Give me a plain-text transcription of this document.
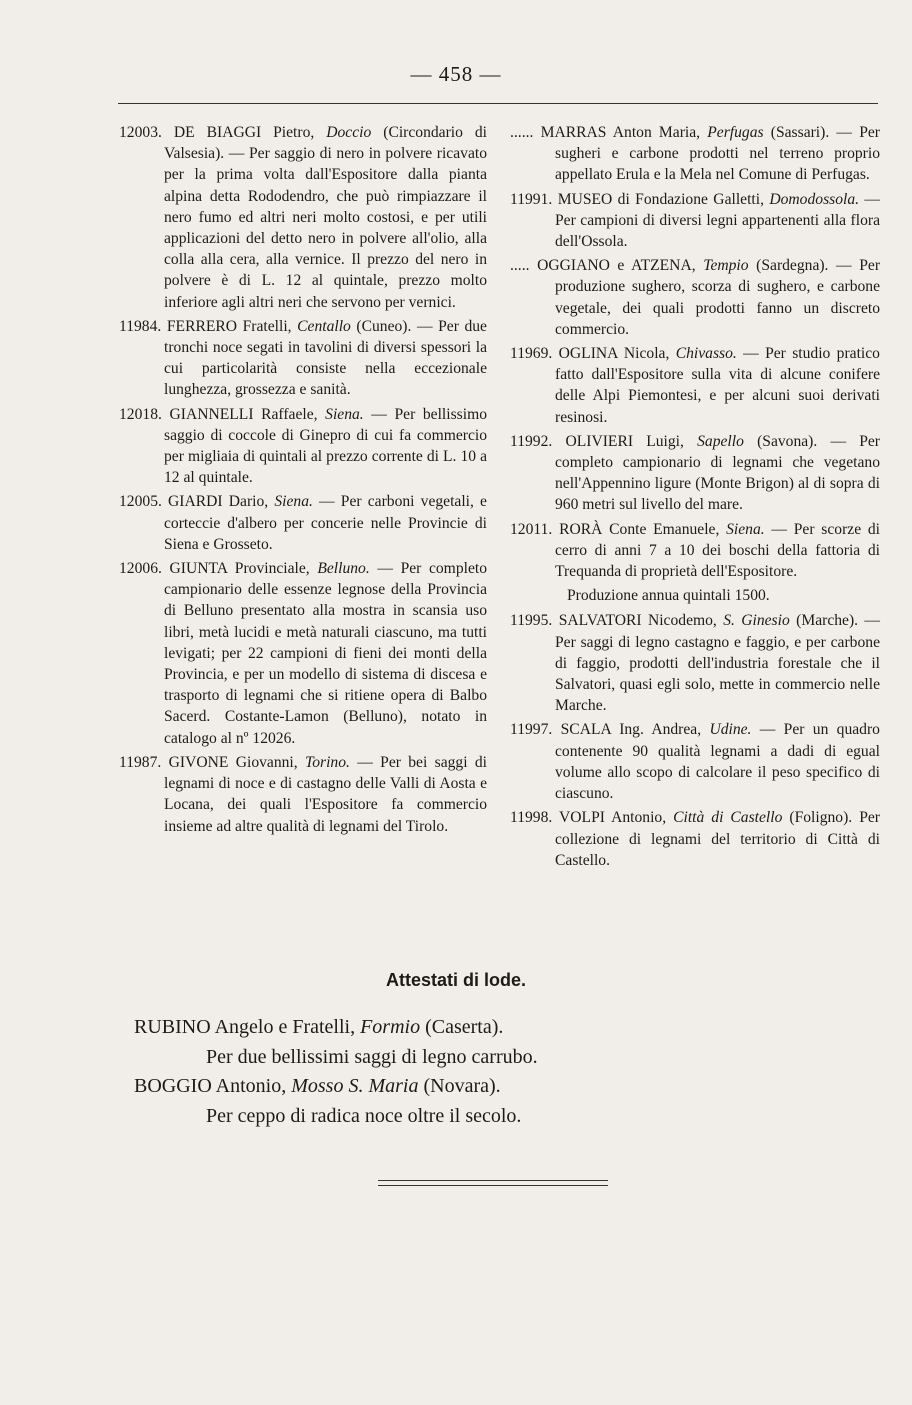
— 458 —

12003. DE BIAGGI Pietro, Doccio (Circondario di Valsesia). — Per saggio di nero in polvere ricavato per la prima volta dall'Espositore dalla pianta alpina detta Rododendro, che può rimpiazzare il nero fumo ed altri neri molto costosi, e per utili applicazioni del detto nero in polvere all'olio, alla colla alla cera, alla vernice. Il prezzo del nero in polvere è di L. 12 al quintale, prezzo molto inferiore agli altri neri che servono per vernici.

11984. FERRERO Fratelli, Centallo (Cuneo). — Per due tronchi noce segati in tavolini di diversi spessori la cui particolarità consiste nella eccezionale lunghezza, grossezza e sanità.

12018. GIANNELLI Raffaele, Siena. — Per bellissimo saggio di coccole di Ginepro di cui fa commercio per migliaia di quintali al prezzo corrente di L. 10 a 12 al quintale.

12005. GIARDI Dario, Siena. — Per carboni vegetali, e corteccie d'albero per concerie nelle Provincie di Siena e Grosseto.

12006. GIUNTA Provinciale, Belluno. — Per completo campionario delle essenze legnose della Provincia di Belluno presentato alla mostra in scansia uso libri, metà lucidi e metà naturali ciascuno, ma tutti levigati; per 22 campioni di fieni dei monti della Provincia, e per un modello di sistema di discesa e trasporto di legnami che si ritiene opera di Balbo Sacerd. Costante-Lamon (Belluno), notato in catalogo al nº 12026.

11987. GIVONE Giovanni, Torino. — Per bei saggi di legnami di noce e di castagno delle Valli di Aosta e Locana, dei quali l'Espositore fa commercio insieme ad altre qualità di legnami del Tirolo.

...... MARRAS Anton Maria, Perfugas (Sassari). — Per sugheri e carbone prodotti nel terreno proprio appellato Erula e la Mela nel Comune di Perfugas.

11991. MUSEO di Fondazione Galletti, Domodossola. — Per campioni di diversi legni appartenenti alla flora dell'Ossola.

..... OGGIANO e ATZENA, Tempio (Sardegna). — Per produzione sughero, scorza di sughero, e carbone vegetale, dei quali prodotti fanno un discreto commercio.

11969. OGLINA Nicola, Chivasso. — Per studio pratico fatto dall'Espositore sulla vita di alcune conifere delle Alpi Piemontesi, e per alcuni suoi derivati resinosi.

11992. OLIVIERI Luigi, Sapello (Savona). — Per completo campionario di legnami che vegetano nell'Appennino ligure (Monte Brigon) al di sopra di 960 metri sul livello del mare.

12011. RORÀ Conte Emanuele, Siena. — Per scorze di cerro di anni 7 a 10 dei boschi della fattoria di Trequanda di proprietà dell'Espositore.

Produzione annua quintali 1500.

11995. SALVATORI Nicodemo, S. Ginesio (Marche). — Per saggi di legno castagno e faggio, e per carbone di faggio, prodotti dell'industria forestale che il Salvatori, quasi egli solo, mette in commercio nelle Marche.

11997. SCALA Ing. Andrea, Udine. — Per un quadro contenente 90 qualità legnami a dadi di egual volume allo scopo di calcolare il peso specifico di ciascuno.

11998. VOLPI Antonio, Città di Castello (Foligno). Per collezione di legnami del territorio di Città di Castello.

Attestati di lode.
RUBINO Angelo e Fratelli, Formio (Caserta).
Per due bellissimi saggi di legno carrubo.
BOGGIO Antonio, Mosso S. Maria (Novara).
Per ceppo di radica noce oltre il secolo.
